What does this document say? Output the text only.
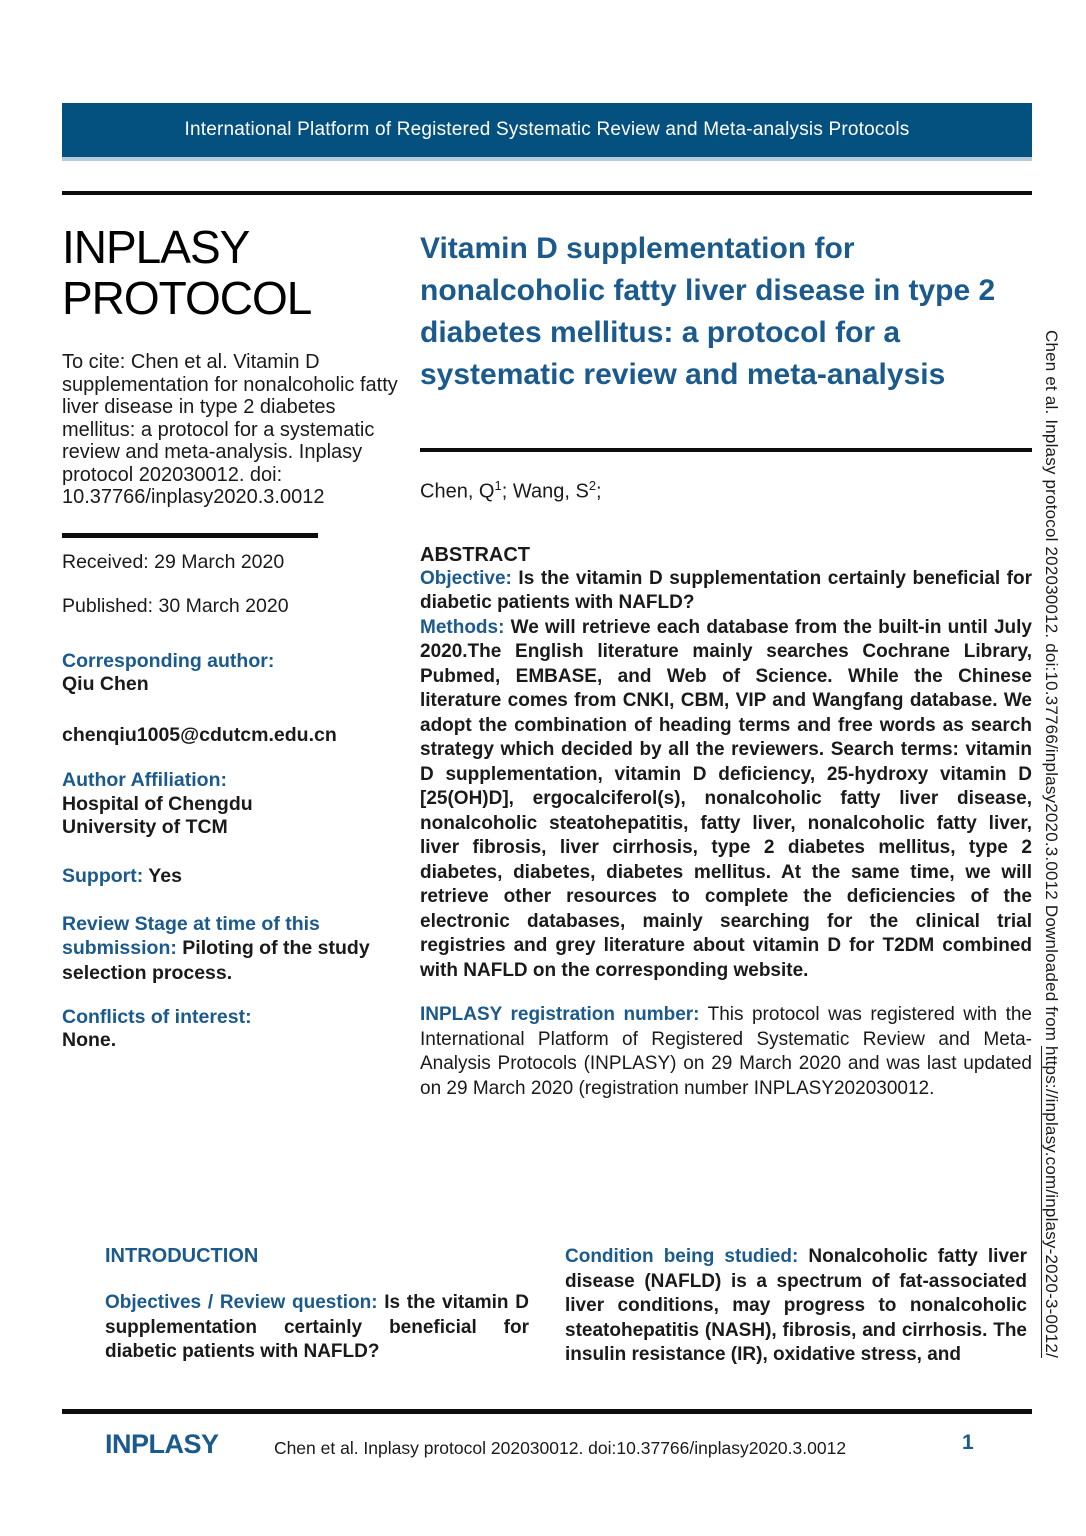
International Platform of Registered Systematic Review and Meta-analysis Protocols
INPLASY
PROTOCOL

To cite: Chen et al. Vitamin D supplementation for nonalcoholic fatty liver disease in type 2 diabetes mellitus: a protocol for a systematic review and meta-analysis. Inplasy protocol 202030012. doi:
10.37766/inplasy2020.3.0012

Received: 29 March 2020
Published: 30 March 2020
Corresponding author:
Qiu Chen
chenqiu1005@cdutcm.edu.cn
Author Affiliation:
Hospital of Chengdu
University of TCM
Support: Yes
Review Stage at time of this submission: Piloting of the study selection process.
Conflicts of interest:
None.
Vitamin D supplementation for nonalcoholic fatty liver disease in type 2 diabetes mellitus: a protocol for a systematic review and meta-analysis
Chen, $Q^1$; Wang, $S^2$;
ABSTRACT

Objective: Is the vitamin D supplementation certainly beneficial for diabetic patients with NAFLD?

Methods: We will retrieve each database from the built-in until July 2020.The English literature mainly searches Cochrane Library, Pubmed, EMBASE, and Web of Science. While the Chinese literature comes from CNKI, CBM, VIP and Wangfang database. We adopt the combination of heading terms and free words as search strategy which decided by all the reviewers. Search terms: vitamin D supplementation, vitamin D deficiency, 25-hydroxy vitamin D [25(OH)D], ergocalciferol(s), nonalcoholic fatty liver disease, nonalcoholic steatohepatitis, fatty liver, nonalcoholic fatty liver, liver fibrosis, liver cirrhosis, type 2 diabetes mellitus, type 2 diabetes, diabetes, diabetes mellitus. At the same time, we will retrieve other resources to complete the deficiencies of the electronic databases, mainly searching for the clinical trial registries and grey literature about vitamin D for T2DM combined with NAFLD on the corresponding website.

INPLASY registration number: This protocol was registered with the International Platform of Registered Systematic Review and Meta-Analysis Protocols (INPLASY) on 29 March 2020 and was last updated on 29 March 2020 (registration number INPLASY202030012.

INTRODUCTION

Objectives / Review question: Is the vitamin D supplementation certainly beneficial for diabetic patients with NAFLD?

Condition being studied: Nonalcoholic fatty liver disease (NAFLD) is a spectrum of fat-associated liver conditions, may progress to nonalcoholic steatohepatitis (NASH), fibrosis, and cirrhosis. The insulin resistance (IR), oxidative stress, and

INPLASY	Chen et al. Inplasy protocol 202030012. doi:10.37766/inplasy2020.3.0012	1
Chen et al. Inplasy protocol 202030012. doi:10.37766/inplasy2020.3.0012 Downloaded from https://inplasy.com/inplasy-2020-3-0012/
